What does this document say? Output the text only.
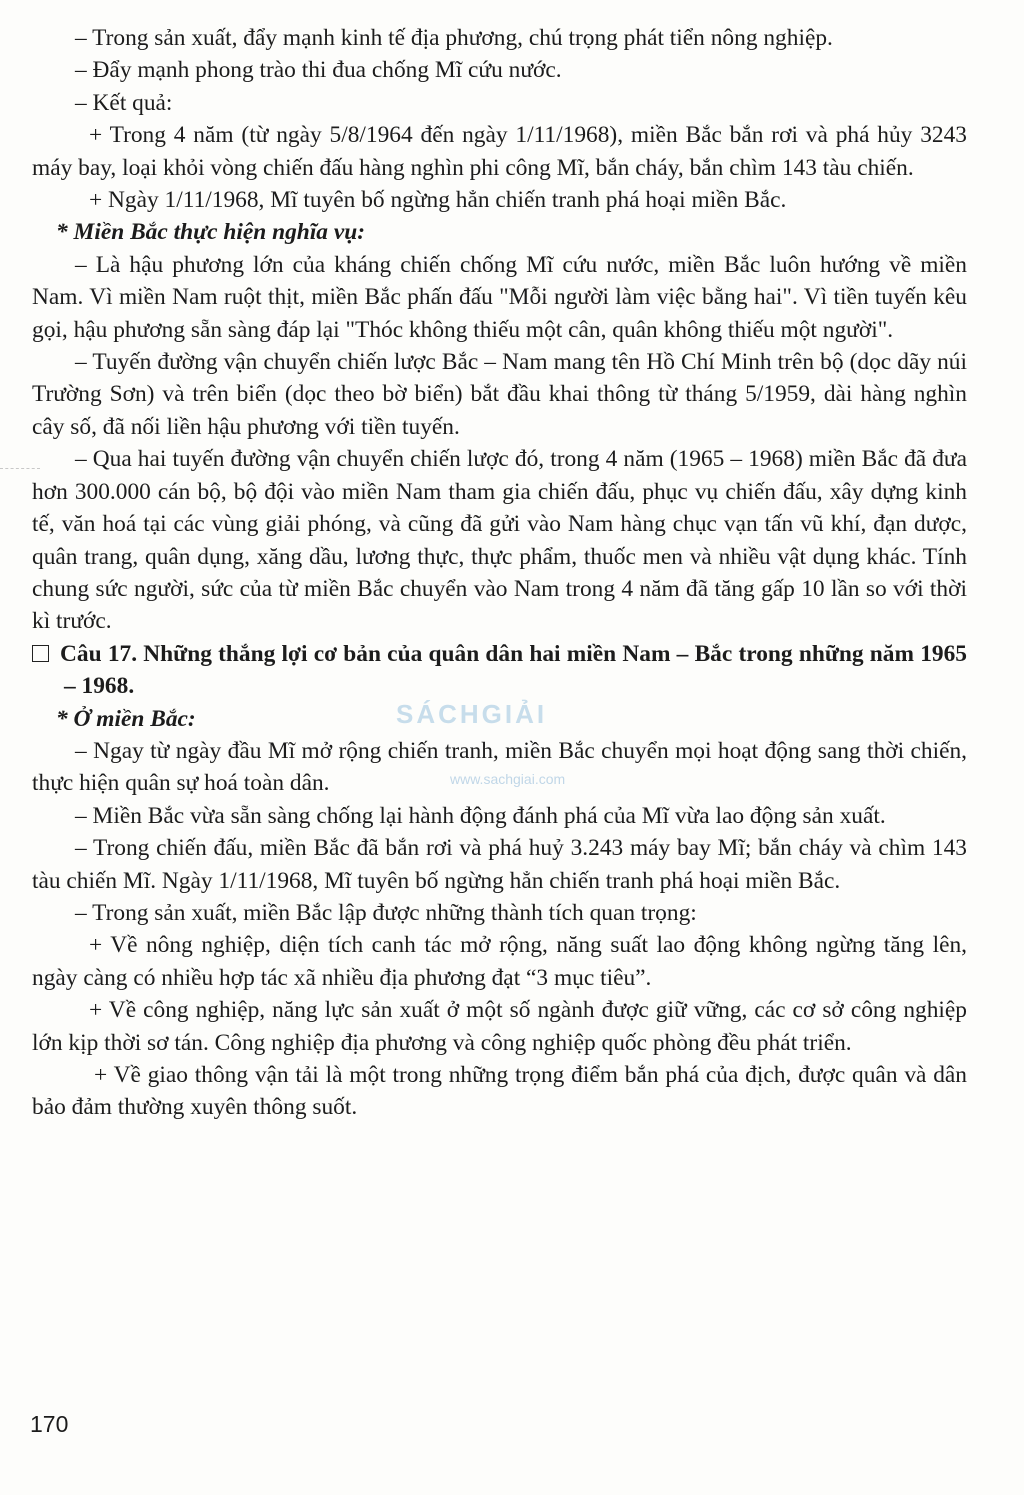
– Trong sản xuất, đẩy mạnh kinh tế địa phương, chú trọng phát tiển nông nghiệp.

– Đẩy mạnh phong trào thi đua chống Mĩ cứu nước.

– Kết quả:

+ Trong 4 năm (từ ngày 5/8/1964 đến ngày 1/11/1968), miền Bắc bắn rơi và phá hủy 3243 máy bay, loại khỏi vòng chiến đấu hàng nghìn phi công Mĩ, bắn cháy, bắn chìm 143 tàu chiến.

+ Ngày 1/11/1968, Mĩ tuyên bố ngừng hẳn chiến tranh phá hoại miền Bắc.

* Miền Bắc thực hiện nghĩa vụ:

– Là hậu phương lớn của kháng chiến chống Mĩ cứu nước, miền Bắc luôn hướng về miền Nam. Vì miền Nam ruột thịt, miền Bắc phấn đấu "Mỗi người làm việc bằng hai". Vì tiền tuyến kêu gọi, hậu phương sẵn sàng đáp lại "Thóc không thiếu một cân, quân không thiếu một người".

– Tuyến đường vận chuyển chiến lược Bắc – Nam mang tên Hồ Chí Minh trên bộ (dọc dãy núi Trường Sơn) và trên biển (dọc theo bờ biển) bắt đầu khai thông từ tháng 5/1959, dài hàng nghìn cây số, đã nối liền hậu phương với tiền tuyến.

– Qua hai tuyến đường vận chuyển chiến lược đó, trong 4 năm (1965 – 1968) miền Bắc đã đưa hơn 300.000 cán bộ, bộ đội vào miền Nam tham gia chiến đấu, phục vụ chiến đấu, xây dựng kinh tế, văn hoá tại các vùng giải phóng, và cũng đã gửi vào Nam hàng chục vạn tấn vũ khí, đạn dược, quân trang, quân dụng, xăng dầu, lương thực, thực phẩm, thuốc men và nhiều vật dụng khác. Tính chung sức người, sức của từ miền Bắc chuyển vào Nam trong 4 năm đã tăng gấp 10 lần so với thời kì trước.

Câu 17. Những thắng lợi cơ bản của quân dân hai miền Nam – Bắc trong những năm 1965 – 1968.

* Ở miền Bắc:

– Ngay từ ngày đầu Mĩ mở rộng chiến tranh, miền Bắc chuyển mọi hoạt động sang thời chiến, thực hiện quân sự hoá toàn dân.

– Miền Bắc vừa sẵn sàng chống lại hành động đánh phá của Mĩ vừa lao động sản xuất.

– Trong chiến đấu, miền Bắc đã bắn rơi và phá huỷ 3.243 máy bay Mĩ; bắn cháy và chìm 143 tàu chiến Mĩ. Ngày 1/11/1968, Mĩ tuyên bố ngừng hẳn chiến tranh phá hoại miền Bắc.

– Trong sản xuất, miền Bắc lập được những thành tích quan trọng:

+ Về nông nghiệp, diện tích canh tác mở rộng, năng suất lao động không ngừng tăng lên, ngày càng có nhiều hợp tác xã nhiều địa phương đạt “3 mục tiêu”.

+ Về công nghiệp, năng lực sản xuất ở một số ngành được giữ vững, các cơ sở công nghiệp lớn kịp thời sơ tán. Công nghiệp địa phương và công nghiệp quốc phòng đều phát triển.

+ Về giao thông vận tải là một trong những trọng điểm bắn phá của địch, được quân và dân bảo đảm thường xuyên thông suốt.

SÁCHGIẢI
www.sachgiai.com
170
